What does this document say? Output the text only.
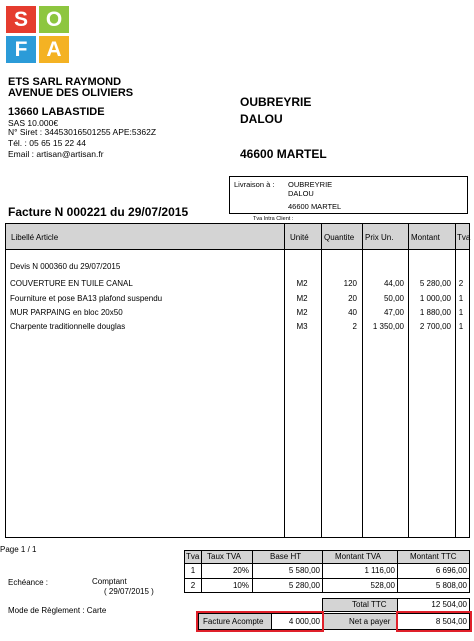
S O
F A
ETS SARL RAYMOND
AVENUE DES OLIVIERS
13660 LABASTIDE
SAS 10.000€
N° Siret : 34453016501255 APE:5362Z
Tél. : 05 65 15 22 44
Email : artisan@artisan.fr
OUBREYRIE
DALOU
46600 MARTEL
Livraison à : OUBREYRIE
DALOU
46600 MARTEL
Tva Intra Client :
Facture N 000221 du 29/07/2015
Libellé Article	Unité Quantite Prix Un. Montant Tva
Devis N 000360 du 29/07/2015
COUVERTURE EN TUILE CANAL	M2	120	44,00	5 280,00 2
Fourniture et pose BA13 plafond suspendu	M2	20	50,00	1 000,00 1
MUR PARPAING en bloc 20x50	M2	40	47,00	1 880,00 1
Charpente traditionnelle douglas	M3	2	1 350,00	2 700,00 1
Page 1 / 1
Echéance :	Comptant
( 29/07/2015 )
Mode de Règlement : Carte
Tva Taux TVA	Base HT	Montant TVA	Montant TTC
1	20%	5 580,00	1 116,00	6 696,00
2	10%	5 280,00	528,00	5 808,00
Total TTC	12 504,00
Facture Acompte	4 000,00	Net a payer	8 504,00
